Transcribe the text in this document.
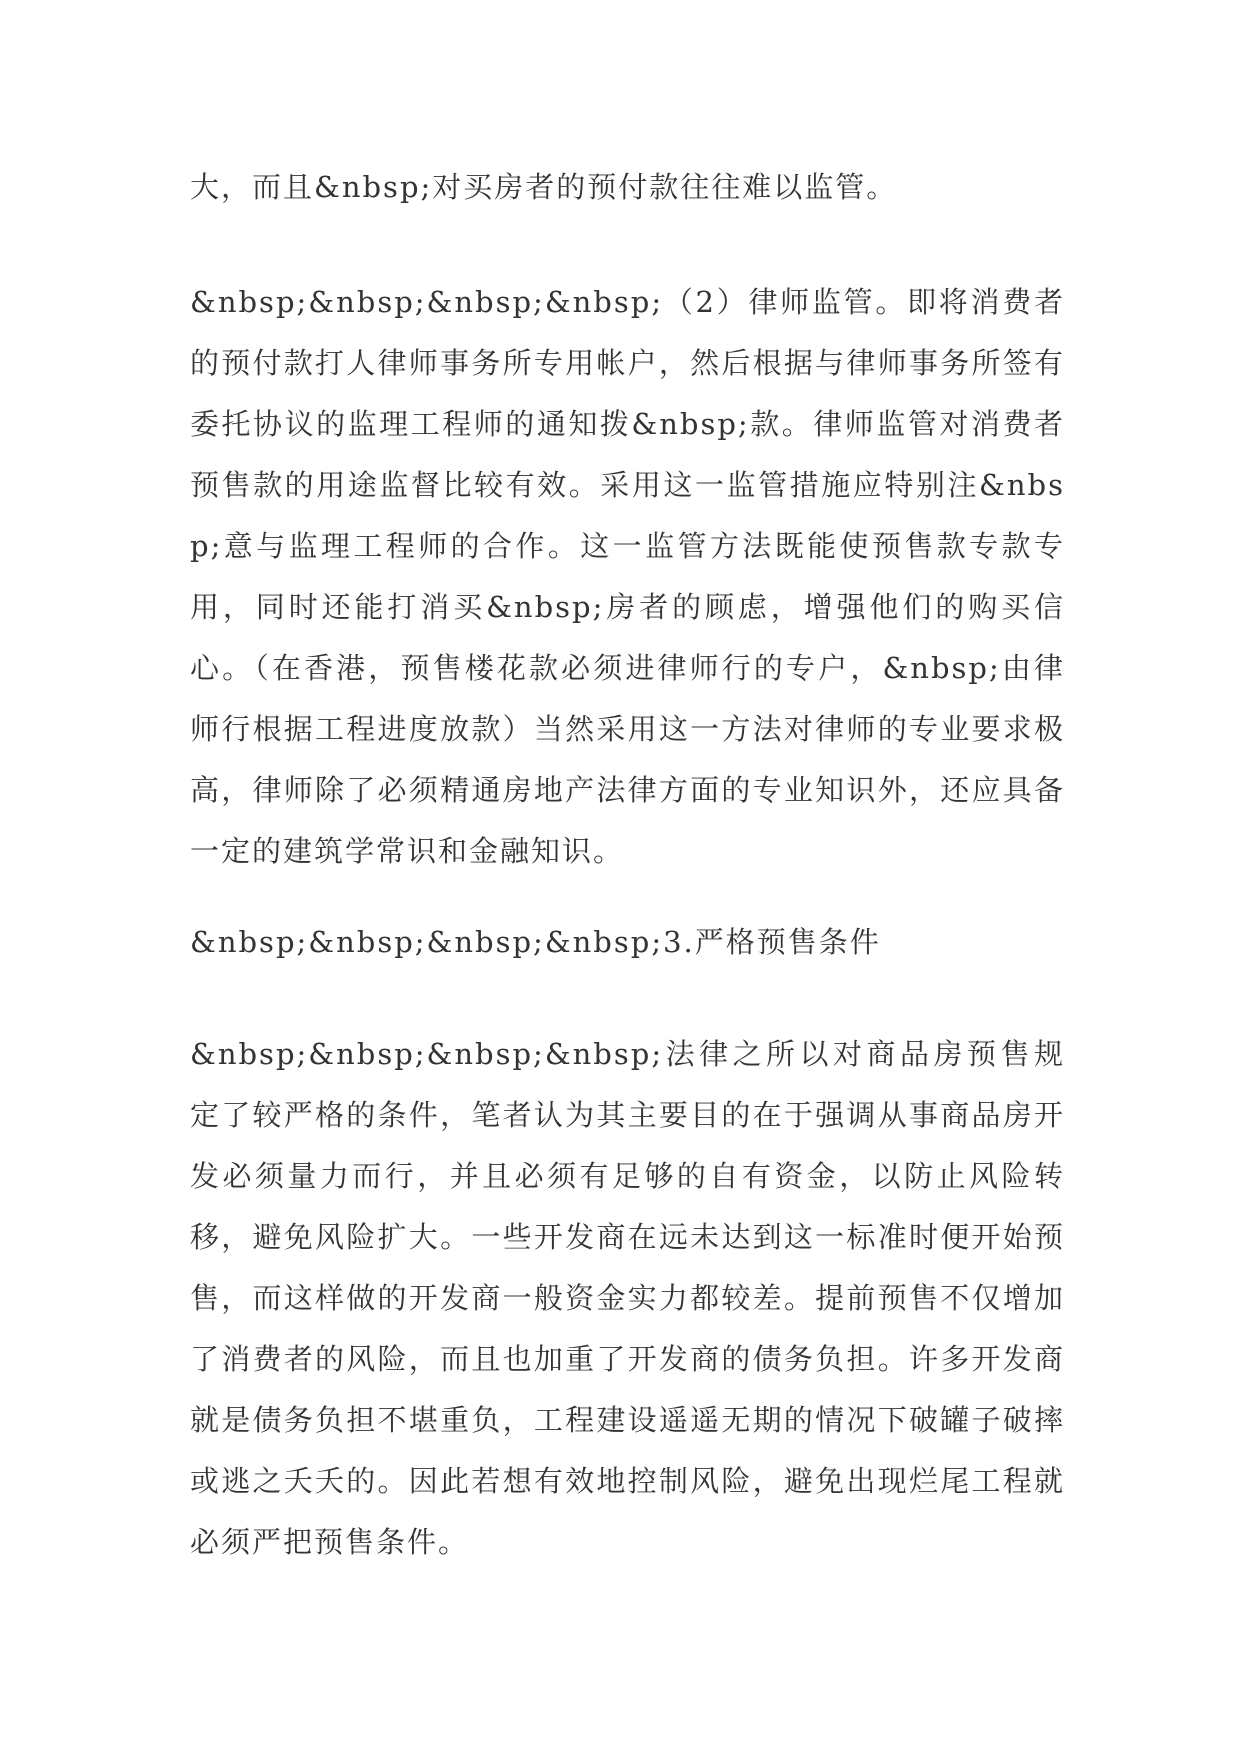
大，而且&nbsp;对买房者的预付款往往难以监管。

&nbsp;&nbsp;&nbsp;&nbsp;（2）律师监管。即将消费者的预付款打人律师事务所专用帐户，然后根据与律师事务所签有委托协议的监理工程师的通知拨&nbsp;款。律师监管对消费者预售款的用途监督比较有效。采用这一监管措施应特别注&nbsp;意与监理工程师的合作。这一监管方法既能使预售款专款专用，同时还能打消买&nbsp;房者的顾虑，增强他们的购买信心。（在香港，预售楼花款必须进律师行的专户，&nbsp;由律师行根据工程进度放款）当然采用这一方法对律师的专业要求极高，律师除了必须精通房地产法律方面的专业知识外，还应具备一定的建筑学常识和金融知识。

&nbsp;&nbsp;&nbsp;&nbsp;3.严格预售条件

&nbsp;&nbsp;&nbsp;&nbsp;法律之所以对商品房预售规定了较严格的条件，笔者认为其主要目的在于强调从事商品房开发必须量力而行，并且必须有足够的自有资金，以防止风险转移，避免风险扩大。一些开发商在远未达到这一标准时便开始预售，而这样做的开发商一般资金实力都较差。提前预售不仅增加了消费者的风险，而且也加重了开发商的债务负担。许多开发商就是债务负担不堪重负，工程建设遥遥无期的情况下破罐子破摔或逃之夭夭的。因此若想有效地控制风险，避免出现烂尾工程就必须严把预售条件。
